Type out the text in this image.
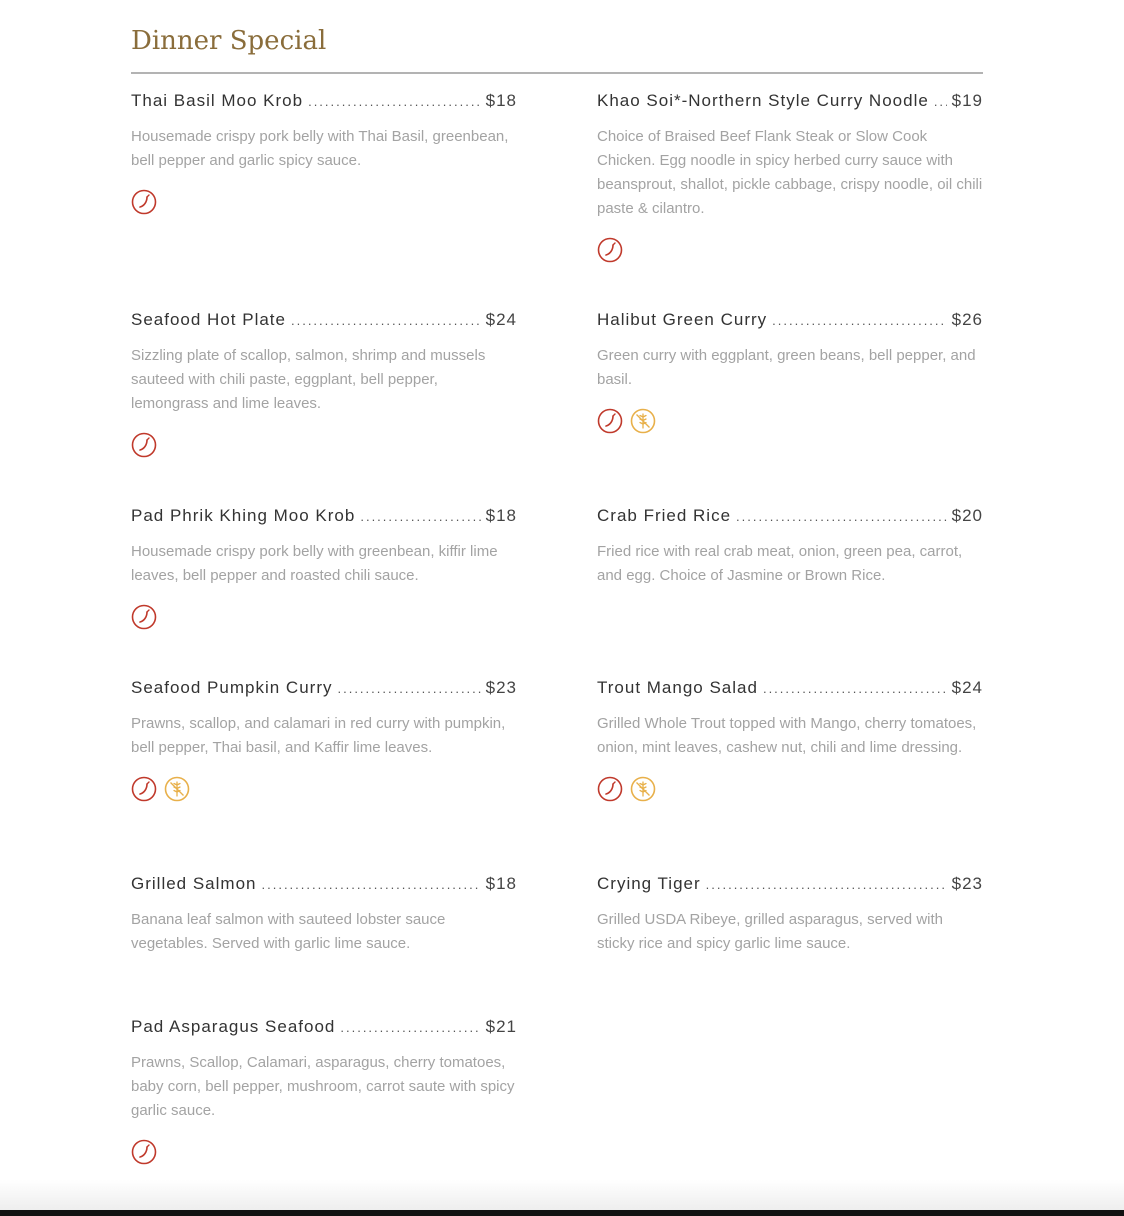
Dinner Special
Thai Basil Moo Krob .....	$18
Housemade crispy pork belly with Thai Basil, greenbean, bell pepper and garlic spicy sauce.
Khao Soi*-Northern Style Curry Noodle ..... $19
Choice of Braised Beef Flank Steak or Slow Cook Chicken. Egg noodle in spicy herbed curry sauce with beansprout, shallot, pickle cabbage, crispy noodle, oil chili paste & cilantro.
Seafood Hot Plate .....	$24
Sizzling plate of scallop, salmon, shrimp and mussels sauteed with chili paste, eggplant, bell pepper, lemongrass and lime leaves.
Halibut Green Curry .....	$26
Green curry with eggplant, green beans, bell pepper, and basil.
Pad Phrik Khing Moo Krob .....	$18
Housemade crispy pork belly with greenbean, kiffir lime leaves, bell pepper and roasted chili sauce.
Crab Fried Rice .....	$20
Fried rice with real crab meat, onion, green pea, carrot, and egg. Choice of Jasmine or Brown Rice.
Seafood Pumpkin Curry .....	$23
Prawns, scallop, and calamari in red curry with pumpkin, bell pepper, Thai basil, and Kaffir lime leaves.
Trout Mango Salad .....	$24
Grilled Whole Trout topped with Mango, cherry tomatoes, onion, mint leaves, cashew nut, chili and lime dressing.
Grilled Salmon .....	$18
Banana leaf salmon with sauteed lobster sauce vegetables. Served with garlic lime sauce.
Crying Tiger .....	$23
Grilled USDA Ribeye, grilled asparagus, served with sticky rice and spicy garlic lime sauce.
Pad Asparagus Seafood .....	$21
Prawns, Scallop, Calamari, asparagus, cherry tomatoes, baby corn, bell pepper, mushroom, carrot saute with spicy garlic sauce.
